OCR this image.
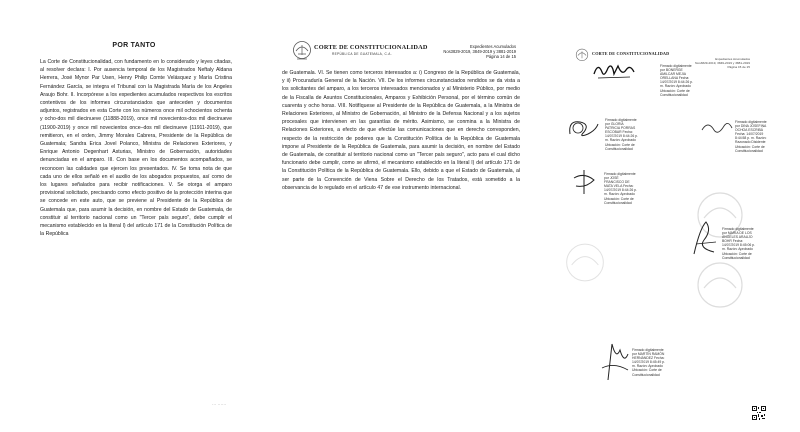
POR TANTO
La Corte de Constitucionalidad, con fundamento en lo considerado y leyes citadas, al resolver declara: I. Por ausencia temporal de los Magistrados Neftaly Aldana Herrera, José Mynor Par Usen, Henry Philip Comte Velásquez y María Cristina Fernández García, se integra el Tribunal con la Magistrada María de los Angeles Araujo Bohr. II. Incorpórese a los expedientes acumulados respectivos los escritos contentivos de los informes circunstanciados que anteceden y documentos adjuntos, registrados en esta Corte con los números once mil ochocientos ochenta y ocho-dos mil diecinueve (11888-2019), once mil novecientos-dos mil diecinueve (11900-2019) y once mil novecientos once–dos mil diecinueve (11911-2019), que remitieron, en el orden, Jimmy Morales Cabrera, Presidente de la República de Guatemala; Sandra Erica Jovel Polanco, Ministra de Relaciones Exteriores, y Enrique Antonio Degenhart Asturias, Ministro de Gobernación, autoridades denunciadas en el amparo. III. Con base en los documentos acompañados, se reconocen las calidades que ejercen los presentados. IV. Se toma nota de que cada uno de ellos señaló en el auxilio de los abogados propuestos, así como de los lugares señalados para recibir notificaciones. V. Se otorga el amparo provisional solicitado, precisando como efecto positivo de la protección interina que se concede en este auto, que se previene al Presidente de la República de Guatemala que, para asumir la decisión, en nombre del Estado de Guatemala, de constituir al territorio nacional como un "Tercer país seguro", debe cumplir el mecanismo establecido en la literal l) del artículo 171 de la Constitución Política de la República
··· ······
CORTE DE CONSTITUCIONALIDAD
REPÚBLICA DE GUATEMALA, C.A.
Expedientes Acumulados
Nos3829-2019, 3849-2019 y 3881-2019
Página 14 de 15
de Guatemala. VI. Se tienen como terceros interesados a: i) Congreso de la República de Guatemala, y ii) Procuraduría General de la Nación. VII. De los informes circunstanciados rendidos se da vista a los solicitantes del amparo, a los terceros interesados mencionados y al Ministerio Público, por medio de la Fiscalía de Asuntos Constitucionales, Amparos y Exhibición Personal, por el término común de cuarenta y ocho horas. VIII. Notifíquese al Presidente de la República de Guatemala, a la Ministra de Relaciones Exteriores, al Ministro de Gobernación, al Ministro de la Defensa Nacional y a los sujetos procesales que intervienen en las garantías de mérito. Asimismo, se conmina a la Ministra de Relaciones Exteriores, a efecto de que efectúe las comunicaciones que en derecho corresponden, respecto de la restricción de poderes que la Constitución Política de la República de Guatemala impone al Presidente de la República de Guatemala, para asumir la decisión, en nombre del Estado de Guatemala, de constituir al territorio nacional como un "Tercer país seguro", acto para el cual dicho funcionario debe cumplir, como se afirmó, el mecanismo establecido en la literal l) del artículo 171 de la Constitución Política de la República de Guatemala. Ello, debido a que el Estado de Guatemala, al ser parte de la Convención de Viena Sobre el Derecho de los Tratados, está sometido a la observancia de lo regulado en el artículo 47 de ese instrumento internacional.
CORTE DE CONSTITUCIONALIDAD
Expedientes Acumulados
Nos3829-2019, 3849-2019 y 3881-2019
Página 15 de 15
Firmado digitalmente
por BONERGE
AMILCAR MEJIA
ORELLANA Fecha:
14/07/2019 8:44:26 p.
m. Razón: Aprobado
Ubicación: Corte de
Constitucionalidad
Firmado digitalmente
por GLORIA
PATRICIA PORRAS
ESCOBAR Fecha:
14/07/2019 8:44:26 p.
m. Razón: Aprobado
Ubicación: Corte de
Constitucionalidad
Firmado digitalmente
por DINA JOSEFINA
OCHOA ESCRIBÁ
Fecha: 14/07/2019
8:44:58 p. m. Razón:
Razonado Disidente
Ubicación: Corte de
Constitucionalidad
Firmado digitalmente
por JOSÉ
FRANCISCO DE
MATA VELA Fecha:
14/07/2019 8:44:26 p.
m. Razón: Aprobado
Ubicación: Corte de
Constitucionalidad
Firmado digitalmente
por MARÍA DE LOS
ÁNGELES ARAUJO
BOHR Fecha:
14/07/2019 8:45:06 p.
m. Razón: Aprobado
Ubicación: Corte de
Constitucionalidad
Firmado digitalmente
por MARTÍN RAMÓN
HERNÁNDEZ Fecha:
14/07/2019 8:45:49 p.
m. Razón: Aprobado
Ubicación: Corte de
Constitucionalidad
